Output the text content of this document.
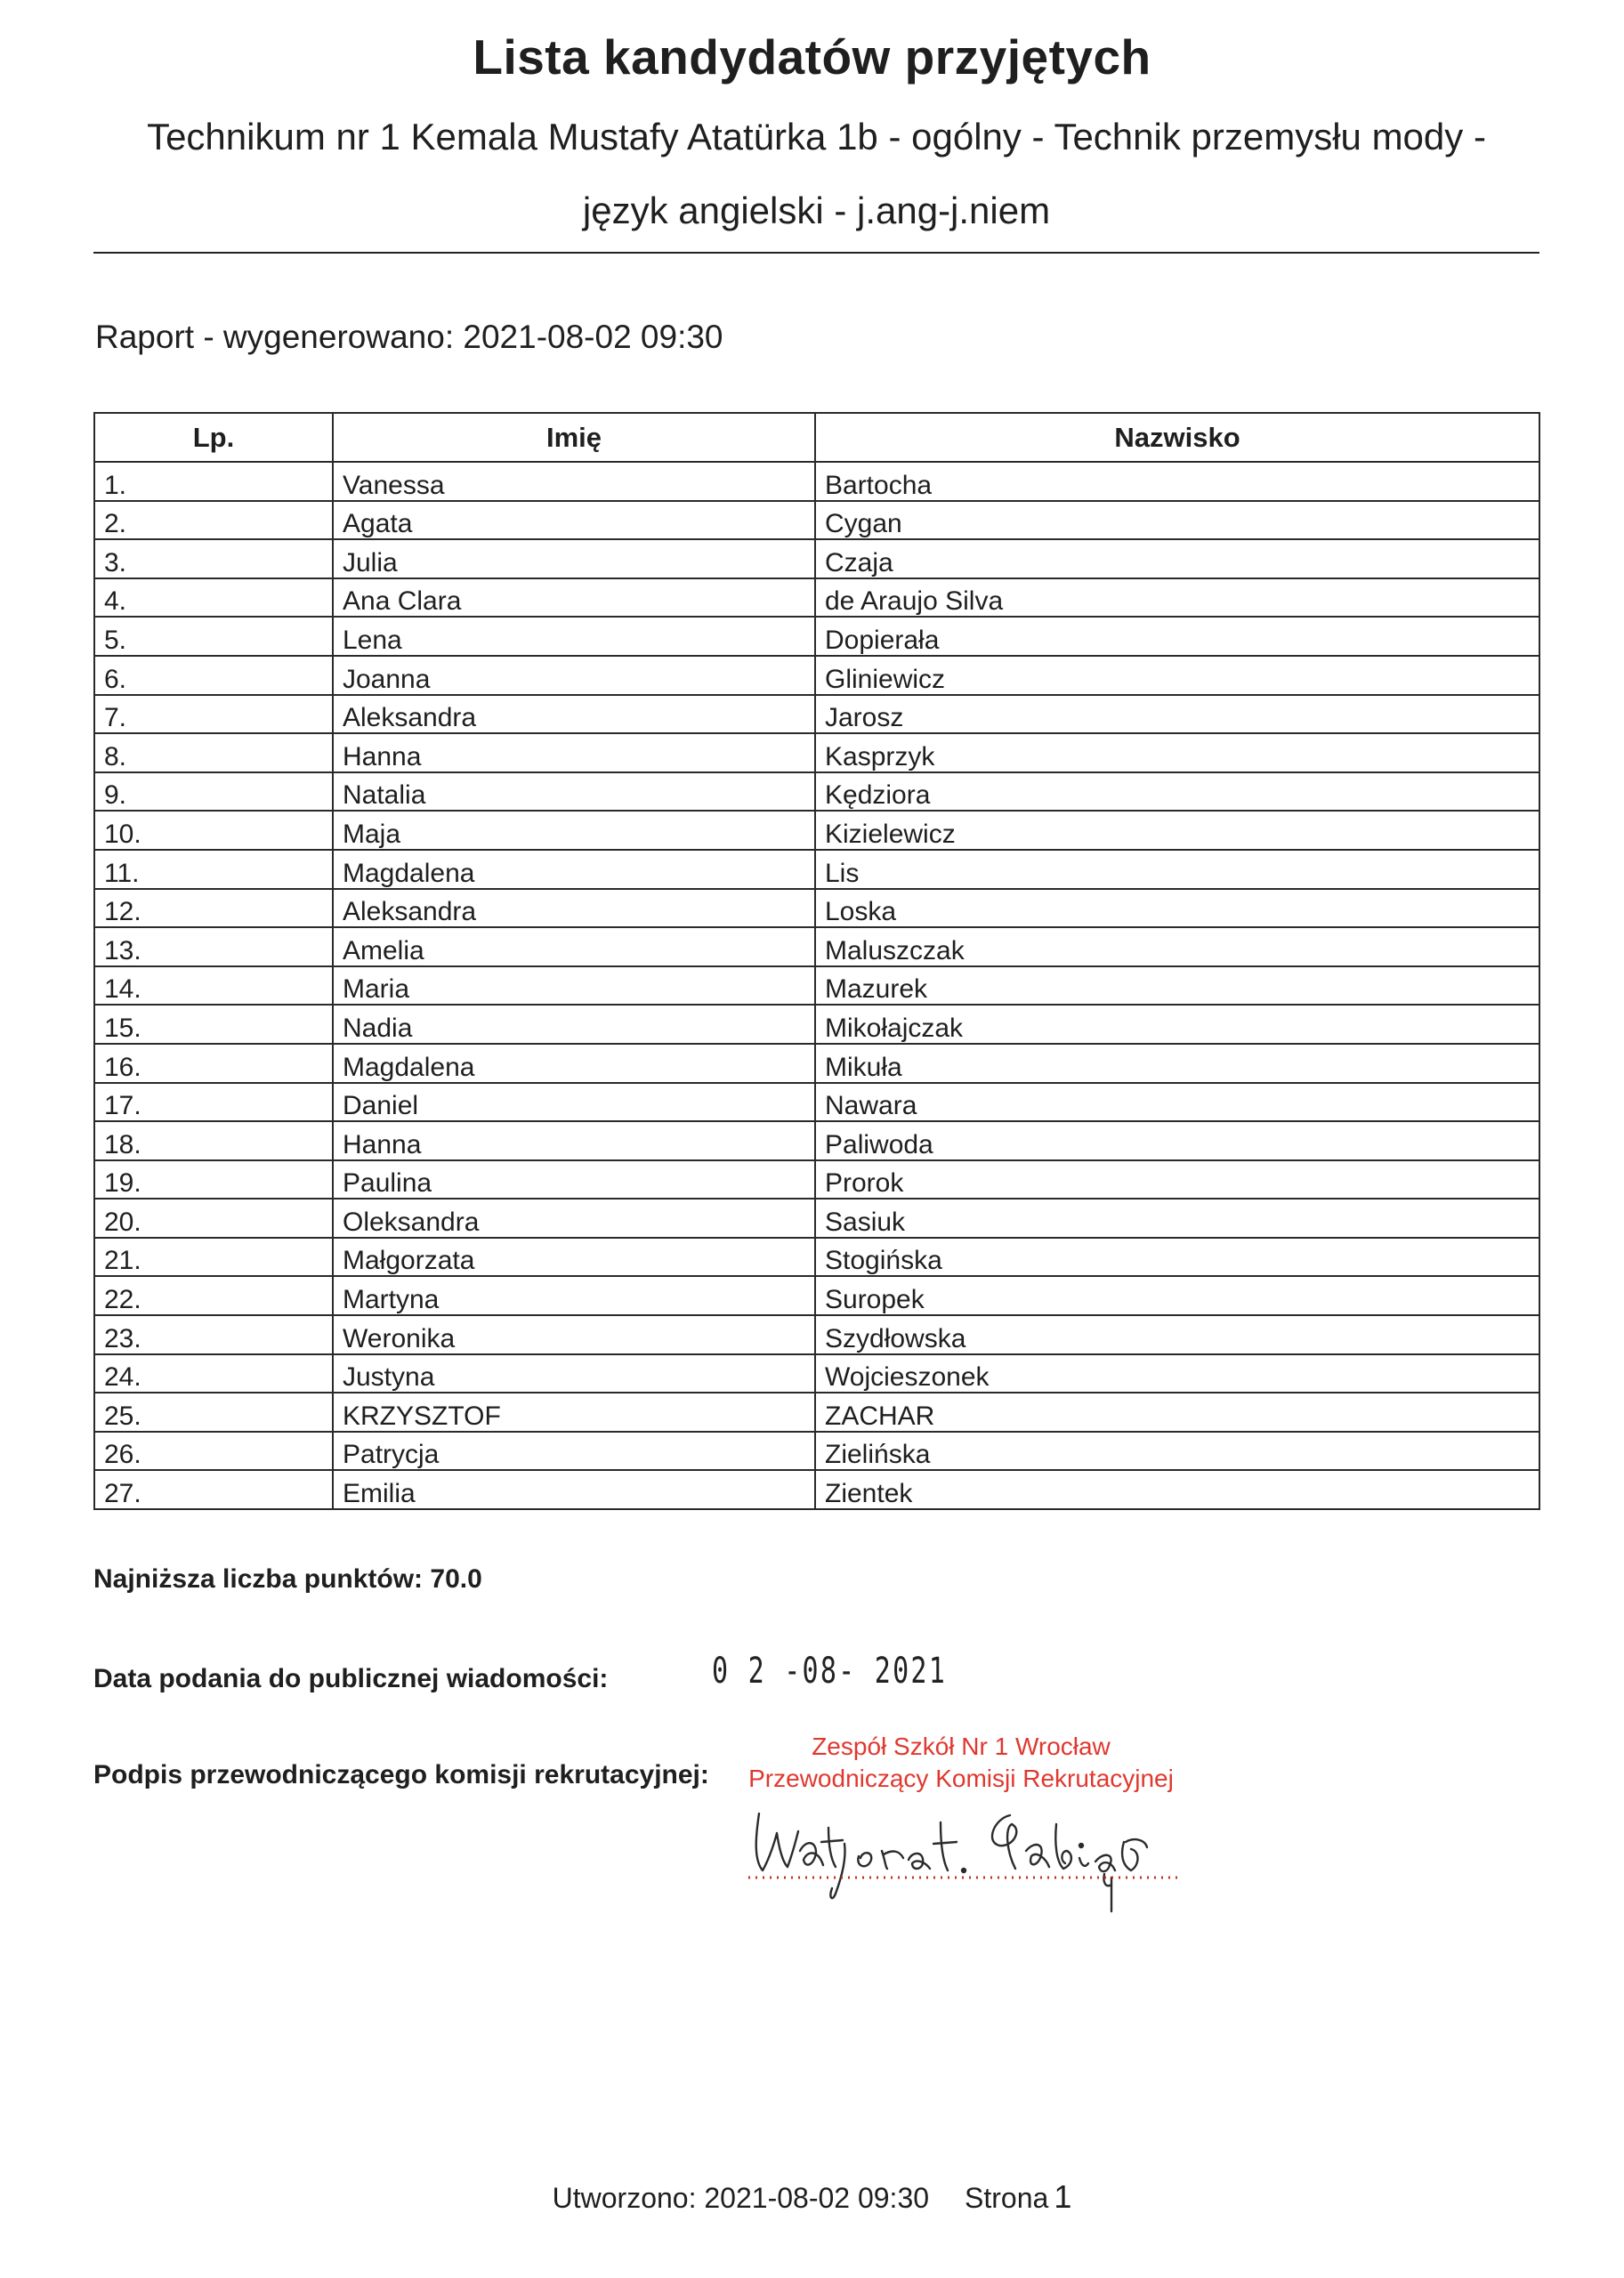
Lista kandydatów przyjętych

Technikum nr 1 Kemala Mustafy Atatürka 1b - ogólny - Technik przemysłu mody -

język angielski - j.ang-j.niem

Raport - wygenerowano: 2021-08-02 09:30
Lp.	Imię	Nazwisko
1.	Vanessa	Bartocha
2.	Agata	Cygan
3.	Julia	Czaja
4.	Ana Clara	de Araujo Silva
5.	Lena	Dopierała
6.	Joanna	Gliniewicz
7.	Aleksandra	Jarosz
8.	Hanna	Kasprzyk
9.	Natalia	Kędziora
10.	Maja	Kizielewicz
11.	Magdalena	Lis
12.	Aleksandra	Loska
13.	Amelia	Maluszczak
14.	Maria	Mazurek
15.	Nadia	Mikołajczak
16.	Magdalena	Mikuła
17.	Daniel	Nawara
18.	Hanna	Paliwoda
19.	Paulina	Prorok
20.	Oleksandra	Sasiuk
21.	Małgorzata	Stogińska
22.	Martyna	Suropek
23.	Weronika	Szydłowska
24.	Justyna	Wojcieszonek
25.	KRZYSZTOF	ZACHAR
26.	Patrycja	Zielińska
27.	Emilia	Zientek
Najniższa liczba punktów: 70.0
Data podania do publicznej wiadomości:	0 2 -08- 2021
Podpis przewodniczącego komisji rekrutacyjnej:
Zespół Szkół Nr 1 Wrocław
Przewodniczący Komisji Rekrutacyjnej
Utworzono: 2021-08-02 09:30 Strona 1
